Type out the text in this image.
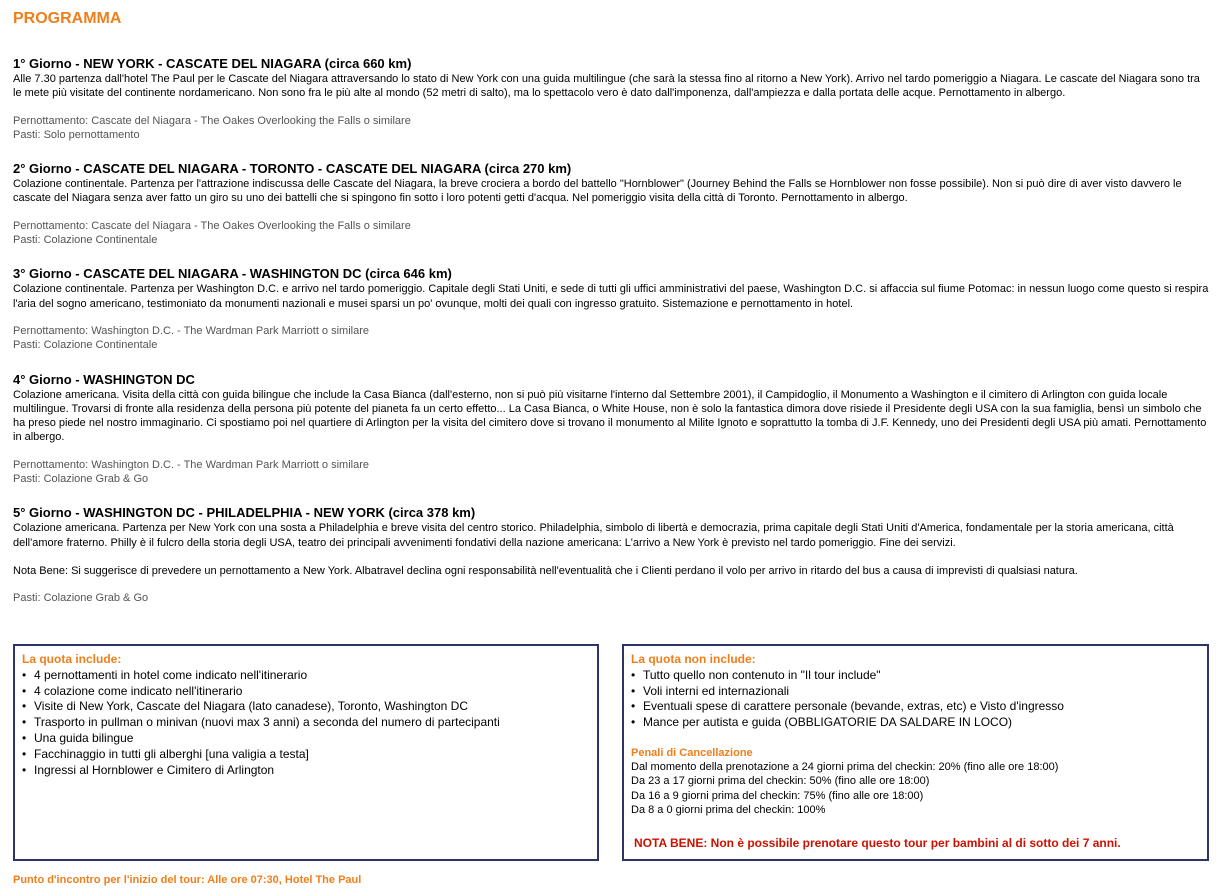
PROGRAMMA
1° Giorno - NEW YORK - CASCATE DEL NIAGARA (circa 660 km)
Alle 7.30 partenza dall'hotel The Paul per le Cascate del Niagara attraversando lo stato di New York con una guida multilingue (che sarà la stessa fino al ritorno a New York). Arrivo nel tardo pomeriggio a Niagara. Le cascate del Niagara sono tra le mete più visitate del continente nordamericano. Non sono fra le più alte al mondo (52 metri di salto), ma lo spettacolo vero è dato dall'imponenza, dall'ampiezza e dalla portata delle acque. Pernottamento in albergo.
Pernottamento: Cascate del Niagara - The Oakes Overlooking the Falls o similare
Pasti: Solo pernottamento
2° Giorno - CASCATE DEL NIAGARA - TORONTO - CASCATE DEL NIAGARA (circa 270 km)
Colazione continentale. Partenza per l'attrazione indiscussa delle Cascate del Niagara, la breve crociera a bordo del battello "Hornblower" (Journey Behind the Falls se Hornblower non fosse possibile). Non si può dire di aver visto davvero le cascate del Niagara senza aver fatto un giro su uno dei battelli che si spingono fin sotto i loro potenti getti d'acqua. Nel pomeriggio visita della città di Toronto. Pernottamento in albergo.
Pernottamento: Cascate del Niagara - The Oakes Overlooking the Falls o similare
Pasti: Colazione Continentale
3° Giorno - CASCATE DEL NIAGARA - WASHINGTON DC (circa 646 km)
Colazione continentale. Partenza per Washington D.C. e arrivo nel tardo pomeriggio. Capitale degli Stati Uniti, e sede di tutti gli uffici amministrativi del paese, Washington D.C. si affaccia sul fiume Potomac: in nessun luogo come questo si respira l'aria del sogno americano, testimoniato da monumenti nazionali e musei sparsi un po' ovunque, molti dei quali con ingresso gratuito. Sistemazione e pernottamento in hotel.
Pernottamento: Washington D.C. - The Wardman Park Marriott o similare
Pasti: Colazione Continentale
4° Giorno - WASHINGTON DC
Colazione americana. Visita della città con guida bilingue che include la Casa Bianca (dall'esterno, non si può più visitarne l'interno dal Settembre 2001), il Campidoglio, il Monumento a Washington e il cimitero di Arlington con guida locale multilingue. Trovarsi di fronte alla residenza della persona più potente del pianeta fa un certo effetto... La Casa Bianca, o White House, non è solo la fantastica dimora dove risiede il Presidente degli USA con la sua famiglia, bensì un simbolo che ha preso piede nel nostro immaginario. Ci spostiamo poi nel quartiere di Arlington per la visita del cimitero dove si trovano il monumento al Milite Ignoto e soprattutto la tomba di J.F. Kennedy, uno dei Presidenti degli USA più amati. Pernottamento in albergo.
Pernottamento: Washington D.C. - The Wardman Park Marriott o similare
Pasti: Colazione Grab & Go
5° Giorno - WASHINGTON DC - PHILADELPHIA - NEW YORK (circa 378 km)
Colazione americana. Partenza per New York con una sosta a Philadelphia e breve visita del centro storico. Philadelphia, simbolo di libertà e democrazia, prima capitale degli Stati Uniti d'America, fondamentale per la storia americana, città dell'amore fraterno. Philly è il fulcro della storia degli USA, teatro dei principali avvenimenti fondativi della nazione americana: L'arrivo a New York è previsto nel tardo pomeriggio. Fine dei servizi.
Nota Bene: Si suggerisce di prevedere un pernottamento a New York. Albatravel declina ogni responsabilità nell'eventualità che i Clienti perdano il volo per arrivo in ritardo del bus a causa di imprevisti di qualsiasi natura.
Pasti: Colazione Grab & Go
La quota include:
• 4 pernottamenti in hotel come indicato nell'itinerario
• 4 colazione come indicato nell'itinerario
• Visite di New York, Cascate del Niagara (lato canadese), Toronto, Washington DC
• Trasporto in pullman o minivan (nuovi max 3 anni) a seconda del numero di partecipanti
• Una guida bilingue
• Facchinaggio in tutti gli alberghi [una valigia a testa]
• Ingressi al Hornblower e Cimitero di Arlington
La quota non include:
• Tutto quello non contenuto in "Il tour include"
• Voli interni ed internazionali
• Eventuali spese di carattere personale (bevande, extras, etc) e Visto d'ingresso
• Mance per autista e guida (OBBLIGATORIE DA SALDARE IN LOCO)
Penali di Cancellazione
Dal momento della prenotazione a 24 giorni prima del checkin: 20% (fino alle ore 18:00)
Da 23 a 17 giorni prima del checkin: 50% (fino alle ore 18:00)
Da 16 a 9 giorni prima del checkin: 75% (fino alle ore 18:00)
Da 8 a 0 giorni prima del checkin: 100%
NOTA BENE: Non è possibile prenotare questo tour per bambini al di sotto dei 7 anni.
Punto d'incontro per l'inizio del tour: Alle ore 07:30, Hotel The Paul
